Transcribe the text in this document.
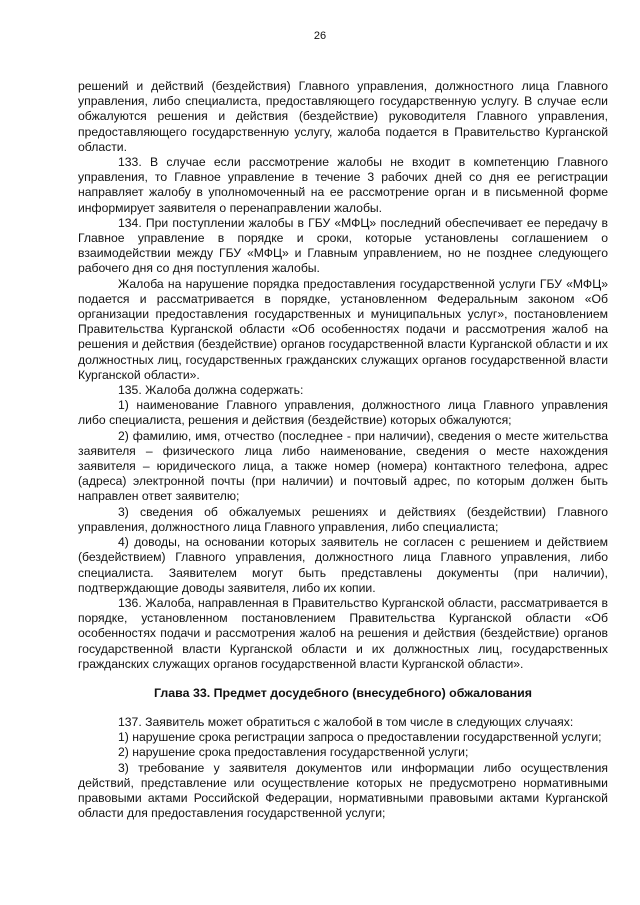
26

решений и действий (бездействия) Главного управления, должностного лица Главного управления, либо специалиста, предоставляющего государственную услугу. В случае если обжалуются решения и действия (бездействие) руководителя Главного управления, предоставляющего государственную услугу, жалоба подается в Правительство Курганской области.

133. В случае если рассмотрение жалобы не входит в компетенцию Главного управления, то Главное управление в течение 3 рабочих дней со дня ее регистрации направляет жалобу в уполномоченный на ее рассмотрение орган и в письменной форме информирует заявителя о перенаправлении жалобы.

134. При поступлении жалобы в ГБУ «МФЦ» последний обеспечивает ее передачу в Главное управление в порядке и сроки, которые установлены соглашением о взаимодействии между ГБУ «МФЦ» и Главным управлением, но не позднее следующего рабочего дня со дня поступления жалобы.

Жалоба на нарушение порядка предоставления государственной услуги ГБУ «МФЦ» подается и рассматривается в порядке, установленном Федеральным законом «Об организации предоставления государственных и муниципальных услуг», постановлением Правительства Курганской области «Об особенностях подачи и рассмотрения жалоб на решения и действия (бездействие) органов государственной власти Курганской области и их должностных лиц, государственных гражданских служащих органов государственной власти Курганской области».

135. Жалоба должна содержать:

1) наименование Главного управления, должностного лица Главного управления либо специалиста, решения и действия (бездействие) которых обжалуются;

2) фамилию, имя, отчество (последнее - при наличии), сведения о месте жительства заявителя – физического лица либо наименование, сведения о месте нахождения заявителя – юридического лица, а также номер (номера) контактного телефона, адрес (адреса) электронной почты (при наличии) и почтовый адрес, по которым должен быть направлен ответ заявителю;

3) сведения об обжалуемых решениях и действиях (бездействии) Главного управления, должностного лица Главного управления, либо специалиста;

4) доводы, на основании которых заявитель не согласен с решением и действием (бездействием) Главного управления, должностного лица Главного управления, либо специалиста. Заявителем могут быть представлены документы (при наличии), подтверждающие доводы заявителя, либо их копии.

136. Жалоба, направленная в Правительство Курганской области, рассматривается в порядке, установленном постановлением Правительства Курганской области «Об особенностях подачи и рассмотрения жалоб на решения и действия (бездействие) органов государственной власти Курганской области и их должностных лиц, государственных гражданских служащих органов государственной власти Курганской области».

Глава 33. Предмет досудебного (внесудебного) обжалования

137. Заявитель может обратиться с жалобой в том числе в следующих случаях:

1) нарушение срока регистрации запроса о предоставлении государственной услуги;

2) нарушение срока предоставления государственной услуги;

3) требование у заявителя документов или информации либо осуществления действий, представление или осуществление которых не предусмотрено нормативными правовыми актами Российской Федерации, нормативными правовыми актами Курганской области для предоставления государственной услуги;
